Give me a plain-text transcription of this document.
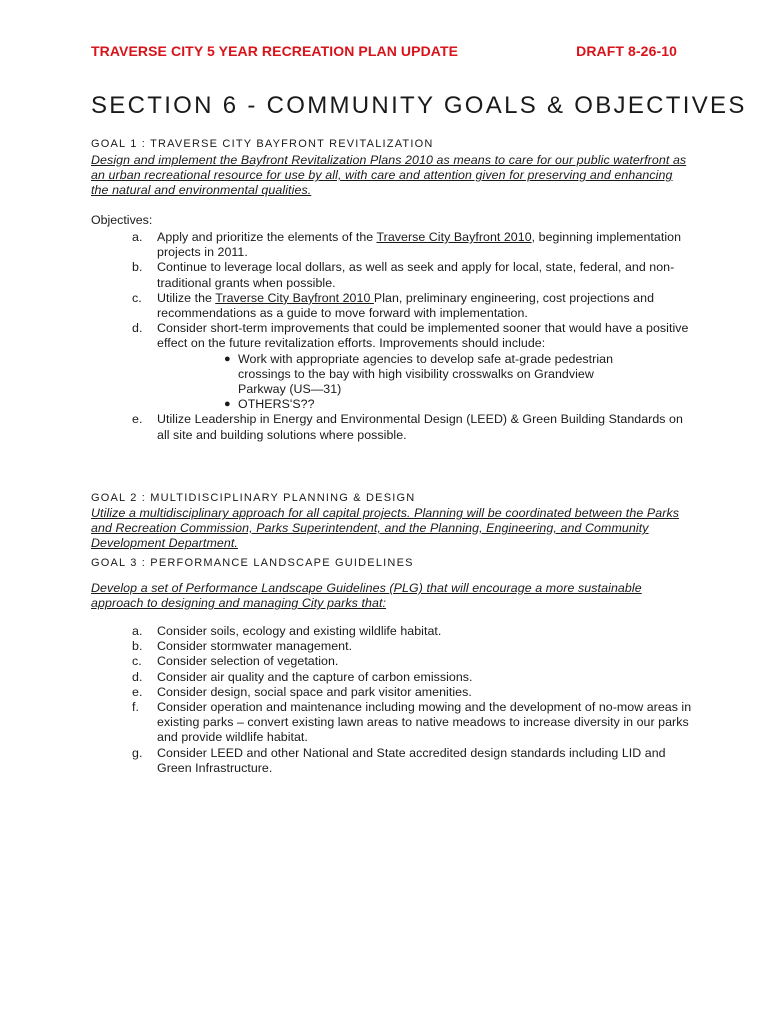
TRAVERSE CITY 5 YEAR RECREATION PLAN UPDATE	DRAFT 8-26-10
SECTION 6 - COMMUNITY GOALS & OBJECTIVES
GOAL 1 : TRAVERSE CITY BAYFRONT REVITALIZATION
Design and implement the Bayfront Revitalization Plans 2010 as means to care for our public waterfront as an urban recreational resource for use by all, with care and attention given for preserving and enhancing the natural and environmental qualities.
Objectives:
a. Apply and prioritize the elements of the Traverse City Bayfront 2010, beginning implementation projects in 2011.
b. Continue to leverage local dollars, as well as seek and apply for local, state, federal, and non-traditional grants when possible.
c. Utilize the Traverse City Bayfront 2010 Plan, preliminary engineering, cost projections and recommendations as a guide to move forward with implementation.
d. Consider short-term improvements that could be implemented sooner that would have a positive effect on the future revitalization efforts. Improvements should include:
● Work with appropriate agencies to develop safe at-grade pedestrian crossings to the bay with high visibility crosswalks on Grandview Parkway (US—31)
● OTHERS'S??
e. Utilize Leadership in Energy and Environmental Design (LEED) & Green Building Standards on all site and building solutions where possible.
GOAL 2 : MULTIDISCIPLINARY PLANNING & DESIGN
Utilize a multidisciplinary approach for all capital projects. Planning will be coordinated between the Parks and Recreation Commission, Parks Superintendent, and the Planning, Engineering, and Community Development Department.
GOAL 3 : PERFORMANCE LANDSCAPE GUIDELINES
Develop a set of Performance Landscape Guidelines (PLG) that will encourage a more sustainable approach to designing and managing City parks that:
a. Consider soils, ecology and existing wildlife habitat.
b. Consider stormwater management.
c. Consider selection of vegetation.
d. Consider air quality and the capture of carbon emissions.
e. Consider design, social space and park visitor amenities.
f. Consider operation and maintenance including mowing and the development of no-mow areas in existing parks – convert existing lawn areas to native meadows to increase diversity in our parks and provide wildlife habitat.
g. Consider LEED and other National and State accredited design standards including LID and Green Infrastructure.
